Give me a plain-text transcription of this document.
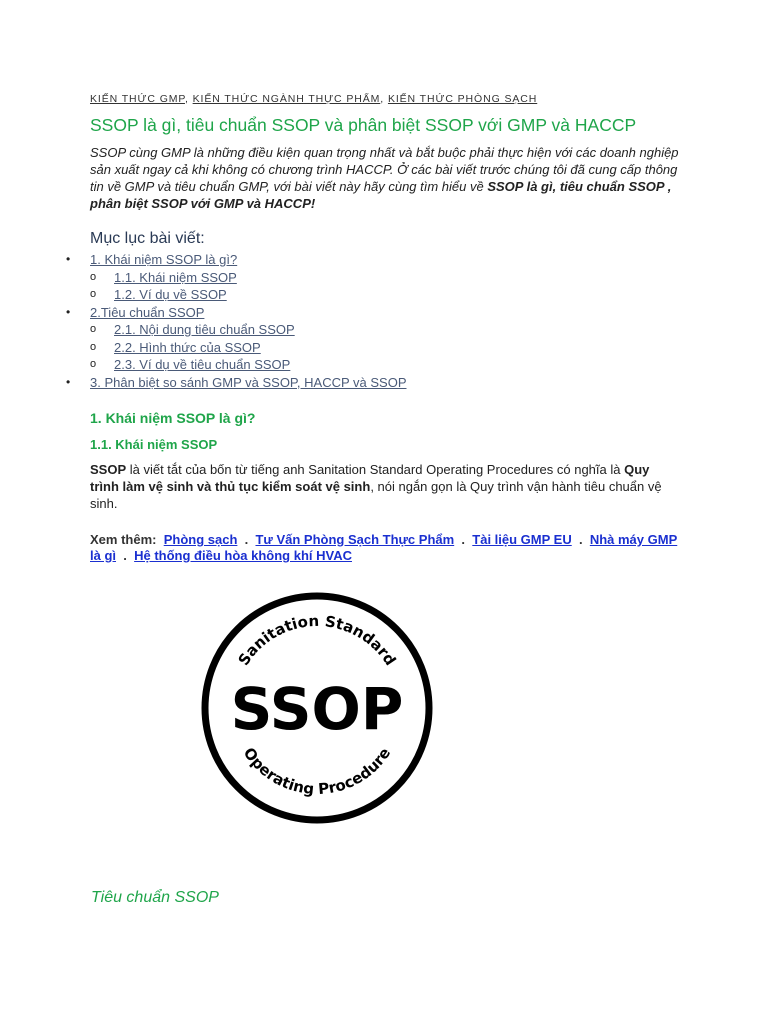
KIẾN THỨC GMP, KIẾN THỨC NGÀNH THỰC PHẨM, KIẾN THỨC PHÒNG SẠCH
SSOP là gì, tiêu chuẩn SSOP và phân biệt SSOP với GMP và HACCP
SSOP cùng GMP là những điều kiện quan trọng nhất và bắt buộc phải thực hiện với các doanh nghiệp sản xuất ngay cả khi không có chương trình HACCP. Ở các bài viết trước chúng tôi đã cung cấp thông tin về GMP và tiêu chuẩn GMP, với bài viết này hãy cùng tìm hiểu về SSOP là gì, tiêu chuẩn SSOP , phân biệt SSOP với GMP và HACCP!
Mục lục bài viết:
• 1. Khái niệm SSOP là gì?
o 1.1. Khái niệm SSOP
o 1.2. Ví dụ về SSOP
• 2.Tiêu chuẩn SSOP
o 2.1. Nội dung tiêu chuẩn SSOP
o 2.2. Hình thức của SSOP
o 2.3. Ví dụ về tiêu chuẩn SSOP
• 3. Phân biệt so sánh GMP và SSOP, HACCP và SSOP
1. Khái niệm SSOP là gì?
1.1. Khái niệm SSOP
SSOP là viết tắt của bốn từ tiếng anh Sanitation Standard Operating Procedures có nghĩa là Quy trình làm vệ sinh và thủ tục kiểm soát vệ sinh, nói ngắn gọn là Quy trình vận hành tiêu chuẩn vệ sinh.
Xem thêm: Phòng sạch . Tư Vấn Phòng Sạch Thực Phẩm . Tài liệu GMP EU . Nhà máy GMP là gì . Hệ thống điều hòa không khí HVAC
Sanitation Standard
SSOP
Operating Procedure
Tiêu chuẩn SSOP
